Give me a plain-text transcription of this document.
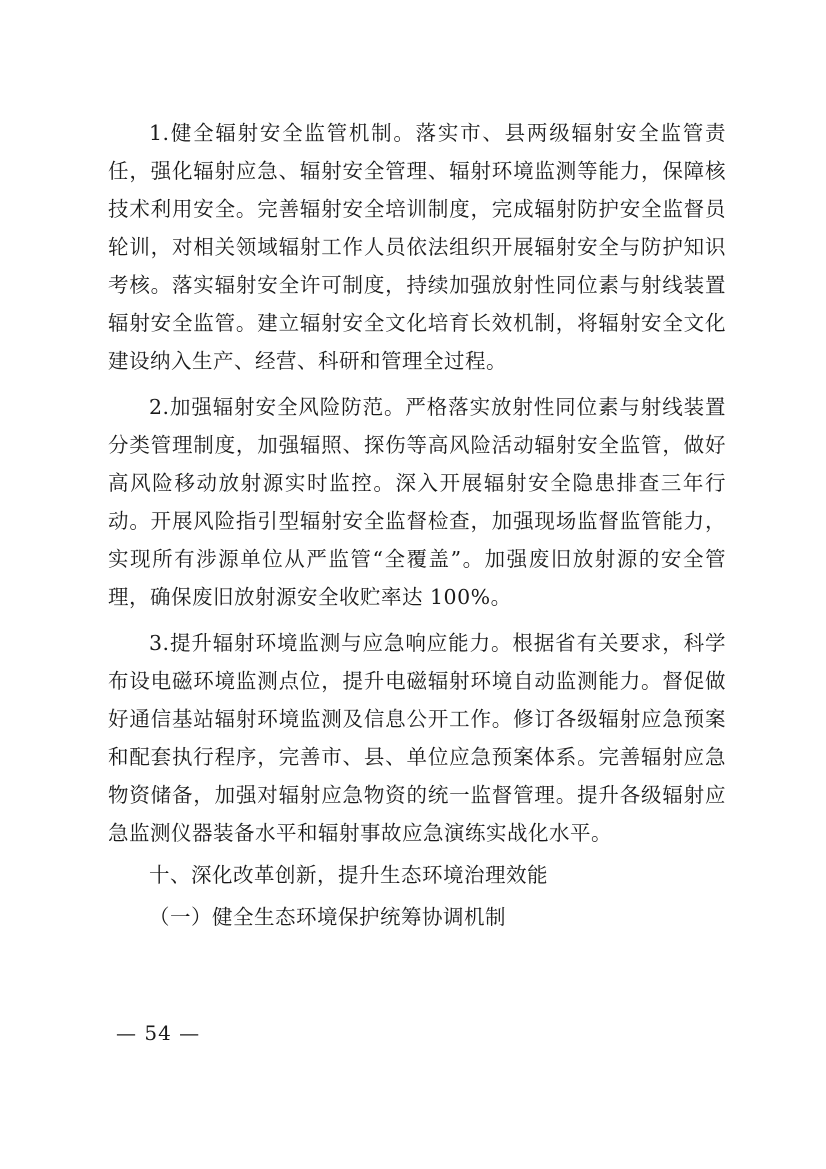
1.健全辐射安全监管机制。落实市、县两级辐射安全监管责任，强化辐射应急、辐射安全管理、辐射环境监测等能力，保障核技术利用安全。完善辐射安全培训制度，完成辐射防护安全监督员轮训，对相关领域辐射工作人员依法组织开展辐射安全与防护知识考核。落实辐射安全许可制度，持续加强放射性同位素与射线装置辐射安全监管。建立辐射安全文化培育长效机制，将辐射安全文化建设纳入生产、经营、科研和管理全过程。

2.加强辐射安全风险防范。严格落实放射性同位素与射线装置分类管理制度，加强辐照、探伤等高风险活动辐射安全监管，做好高风险移动放射源实时监控。深入开展辐射安全隐患排查三年行动。开展风险指引型辐射安全监督检查，加强现场监督监管能力，实现所有涉源单位从严监管“全覆盖”。加强废旧放射源的安全管理，确保废旧放射源安全收贮率达 100%。

3.提升辐射环境监测与应急响应能力。根据省有关要求，科学布设电磁环境监测点位，提升电磁辐射环境自动监测能力。督促做好通信基站辐射环境监测及信息公开工作。修订各级辐射应急预案和配套执行程序，完善市、县、单位应急预案体系。完善辐射应急物资储备，加强对辐射应急物资的统一监督管理。提升各级辐射应急监测仪器装备水平和辐射事故应急演练实战化水平。

十、深化改革创新，提升生态环境治理效能
（一）健全生态环境保护统筹协调机制
— 54 —
